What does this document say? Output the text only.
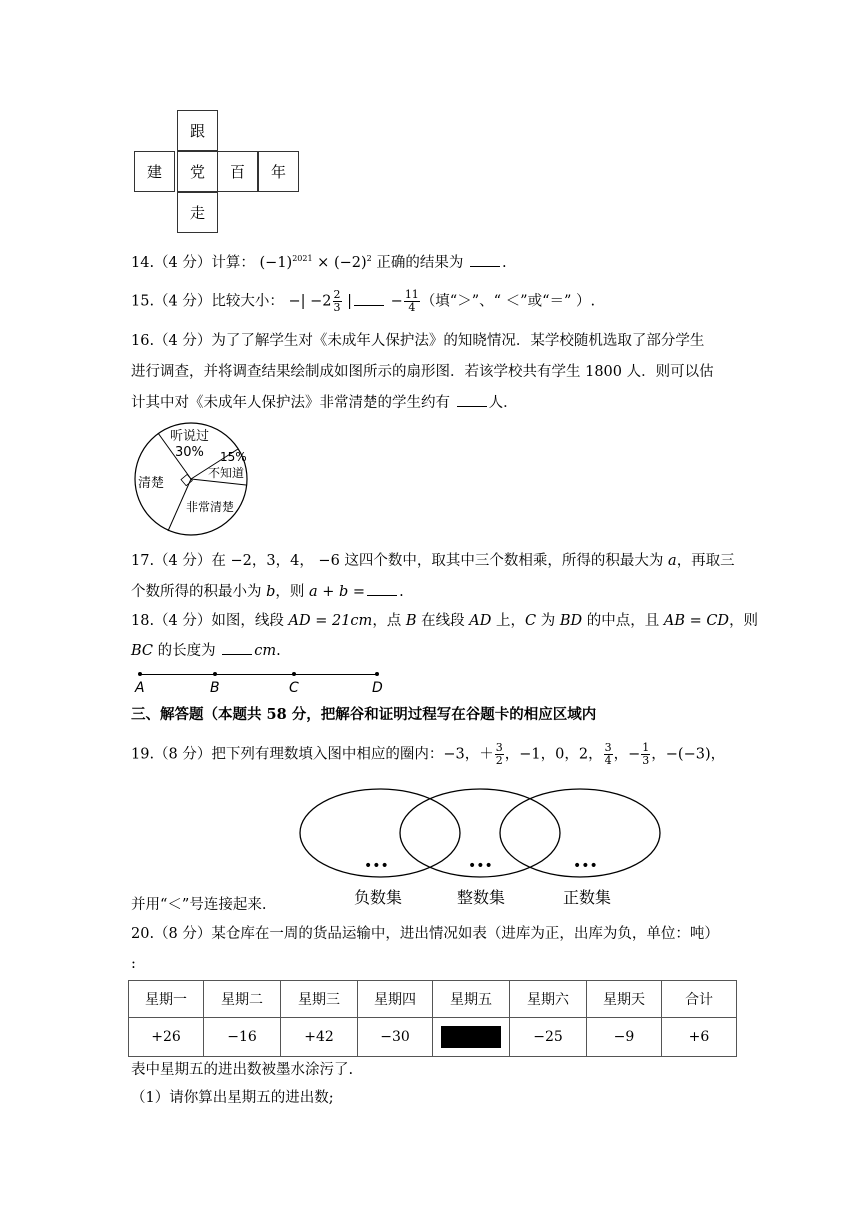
跟
建	党	百	年
走
14.（4 分）计算： $(-1)^{2021} \times (-2)^2$ 正确的结果为	.
15.（4 分）比较大小： −| $-2 \frac{2}{3}$ | − $\frac{11}{4}$ （填“＞”、“ ＜”或“＝” ）.
16.（4 分）为了了解学生对《未成年人保护法》的知晓情况．某学校随机选取了部分学生
进行调查，并将调查结果绘制成如图所示的扇形图．若该学校共有学生 1800 人．则可以估
计其中对《未成年人保护法》非常清楚的学生约有	人．
听说过
30% 15%
不知道
清楚
非常清楚
17.（4 分）在 −2，3，4， −6 这四个数中，取其中三个数相乘，所得的积最大为 a，再取三
个数所得的积最小为 b，则 a + b = .
18.（4 分）如图，线段 AD = 21cm，点 B 在线段 AD 上，C 为 BD 的中点，且 AB = CD，则
BC 的长度为 cm.
A	B	C	D
三、解答题（本题共 58 分，把解谷和证明过程写在谷题卡的相应区域内
19.（8 分）把下列有理数填入图中相应的圈内：−3，＋ $\frac{3}{2}$ ，−1，0，2， $\frac{3}{4}$ ，− $\frac{1}{3}$ ，−(−3)，
•••	•••	•••
负数集	整数集	正数集
并用“＜”号连接起来.
20.（8 分）某仓库在一周的货品运输中，进出情况如表（进库为正，出库为负，单位：吨）
:
星期一	星期二	星期三	星期四	星期五	星期六	星期天	合计
+26	−16	+42	−30		−25	−9	+6
表中星期五的进出数被墨水涂污了.
（1）请你算出星期五的进出数;
